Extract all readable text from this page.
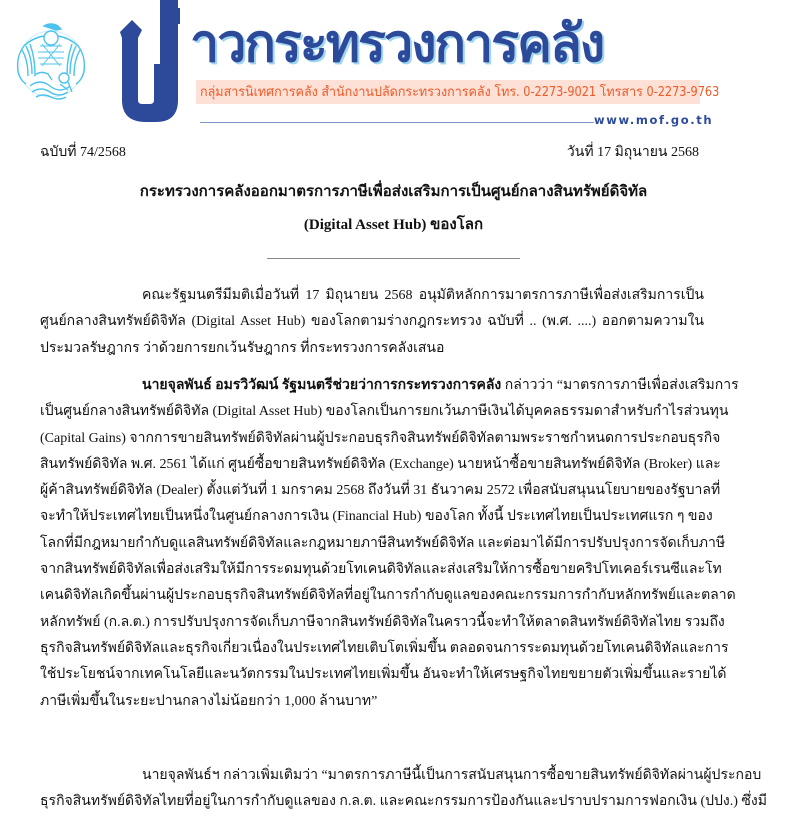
าวกระทรวงการคลัง
กลุ่มสารนิเทศการคลัง สำนักงานปลัดกระทรวงการคลัง โทร. 0-2273-9021 โทรสาร 0-2273-9763
www.mof.go.th
ฉบับที่ 74/2568	วันที่ 17 มิถุนายน 2568
กระทรวงการคลังออกมาตรการภาษีเพื่อส่งเสริมการเป็นศูนย์กลางสินทรัพย์ดิจิทัล
(Digital Asset Hub) ของโลก

คณะรัฐมนตรีมีมติเมื่อวันที่ 17 มิถุนายน 2568 อนุมัติหลักการมาตรการภาษีเพื่อส่งเสริมการเป็น
ศูนย์กลางสินทรัพย์ดิจิทัล (Digital Asset Hub) ของโลกตามร่างกฎกระทรวง ฉบับที่ .. (พ.ศ. ....) ออกตามความใน
ประมวลรัษฎากร ว่าด้วยการยกเว้นรัษฎากร ที่กระทรวงการคลังเสนอ

นายจุลพันธ์ อมรวิวัฒน์ รัฐมนตรีช่วยว่าการกระทรวงการคลัง กล่าวว่า “มาตรการภาษีเพื่อส่งเสริมการ
เป็นศูนย์กลางสินทรัพย์ดิจิทัล (Digital Asset Hub) ของโลกเป็นการยกเว้นภาษีเงินได้บุคคลธรรมดาสำหรับกำไรส่วนทุน
(Capital Gains) จากการขายสินทรัพย์ดิจิทัลผ่านผู้ประกอบธุรกิจสินทรัพย์ดิจิทัลตามพระราชกำหนดการประกอบธุรกิจ
สินทรัพย์ดิจิทัล พ.ศ. 2561 ได้แก่ ศูนย์ซื้อขายสินทรัพย์ดิจิทัล (Exchange) นายหน้าซื้อขายสินทรัพย์ดิจิทัล (Broker) และ
ผู้ค้าสินทรัพย์ดิจิทัล (Dealer) ตั้งแต่วันที่ 1 มกราคม 2568 ถึงวันที่ 31 ธันวาคม 2572 เพื่อสนับสนุนนโยบายของรัฐบาลที่
จะทำให้ประเทศไทยเป็นหนึ่งในศูนย์กลางการเงิน (Financial Hub) ของโลก ทั้งนี้ ประเทศไทยเป็นประเทศแรก ๆ ของ
โลกที่มีกฎหมายกำกับดูแลสินทรัพย์ดิจิทัลและกฎหมายภาษีสินทรัพย์ดิจิทัล และต่อมาได้มีการปรับปรุงการจัดเก็บภาษี
จากสินทรัพย์ดิจิทัลเพื่อส่งเสริมให้มีการระดมทุนด้วยโทเคนดิจิทัลและส่งเสริมให้การซื้อขายคริปโทเคอร์เรนซีและโท
เคนดิจิทัลเกิดขึ้นผ่านผู้ประกอบธุรกิจสินทรัพย์ดิจิทัลที่อยู่ในการกำกับดูแลของคณะกรรมการกำกับหลักทรัพย์และตลาด
หลักทรัพย์ (ก.ล.ต.) การปรับปรุงการจัดเก็บภาษีจากสินทรัพย์ดิจิทัลในคราวนี้จะทำให้ตลาดสินทรัพย์ดิจิทัลไทย รวมถึง
ธุรกิจสินทรัพย์ดิจิทัลและธุรกิจเกี่ยวเนื่องในประเทศไทยเติบโตเพิ่มขึ้น ตลอดจนการระดมทุนด้วยโทเคนดิจิทัลและการ
ใช้ประโยชน์จากเทคโนโลยีและนวัตกรรมในประเทศไทยเพิ่มขึ้น อันจะทำให้เศรษฐกิจไทยขยายตัวเพิ่มขึ้นและรายได้
ภาษีเพิ่มขึ้นในระยะปานกลางไม่น้อยกว่า 1,000 ล้านบาท”

นายจุลพันธ์ฯ กล่าวเพิ่มเติมว่า “มาตรการภาษีนี้เป็นการสนับสนุนการซื้อขายสินทรัพย์ดิจิทัลผ่านผู้ประกอบ
ธุรกิจสินทรัพย์ดิจิทัลไทยที่อยู่ในการกำกับดูแลของ ก.ล.ต. และคณะกรรมการป้องกันและปราบปรามการฟอกเงิน (ปปง.) ซึ่งมี
